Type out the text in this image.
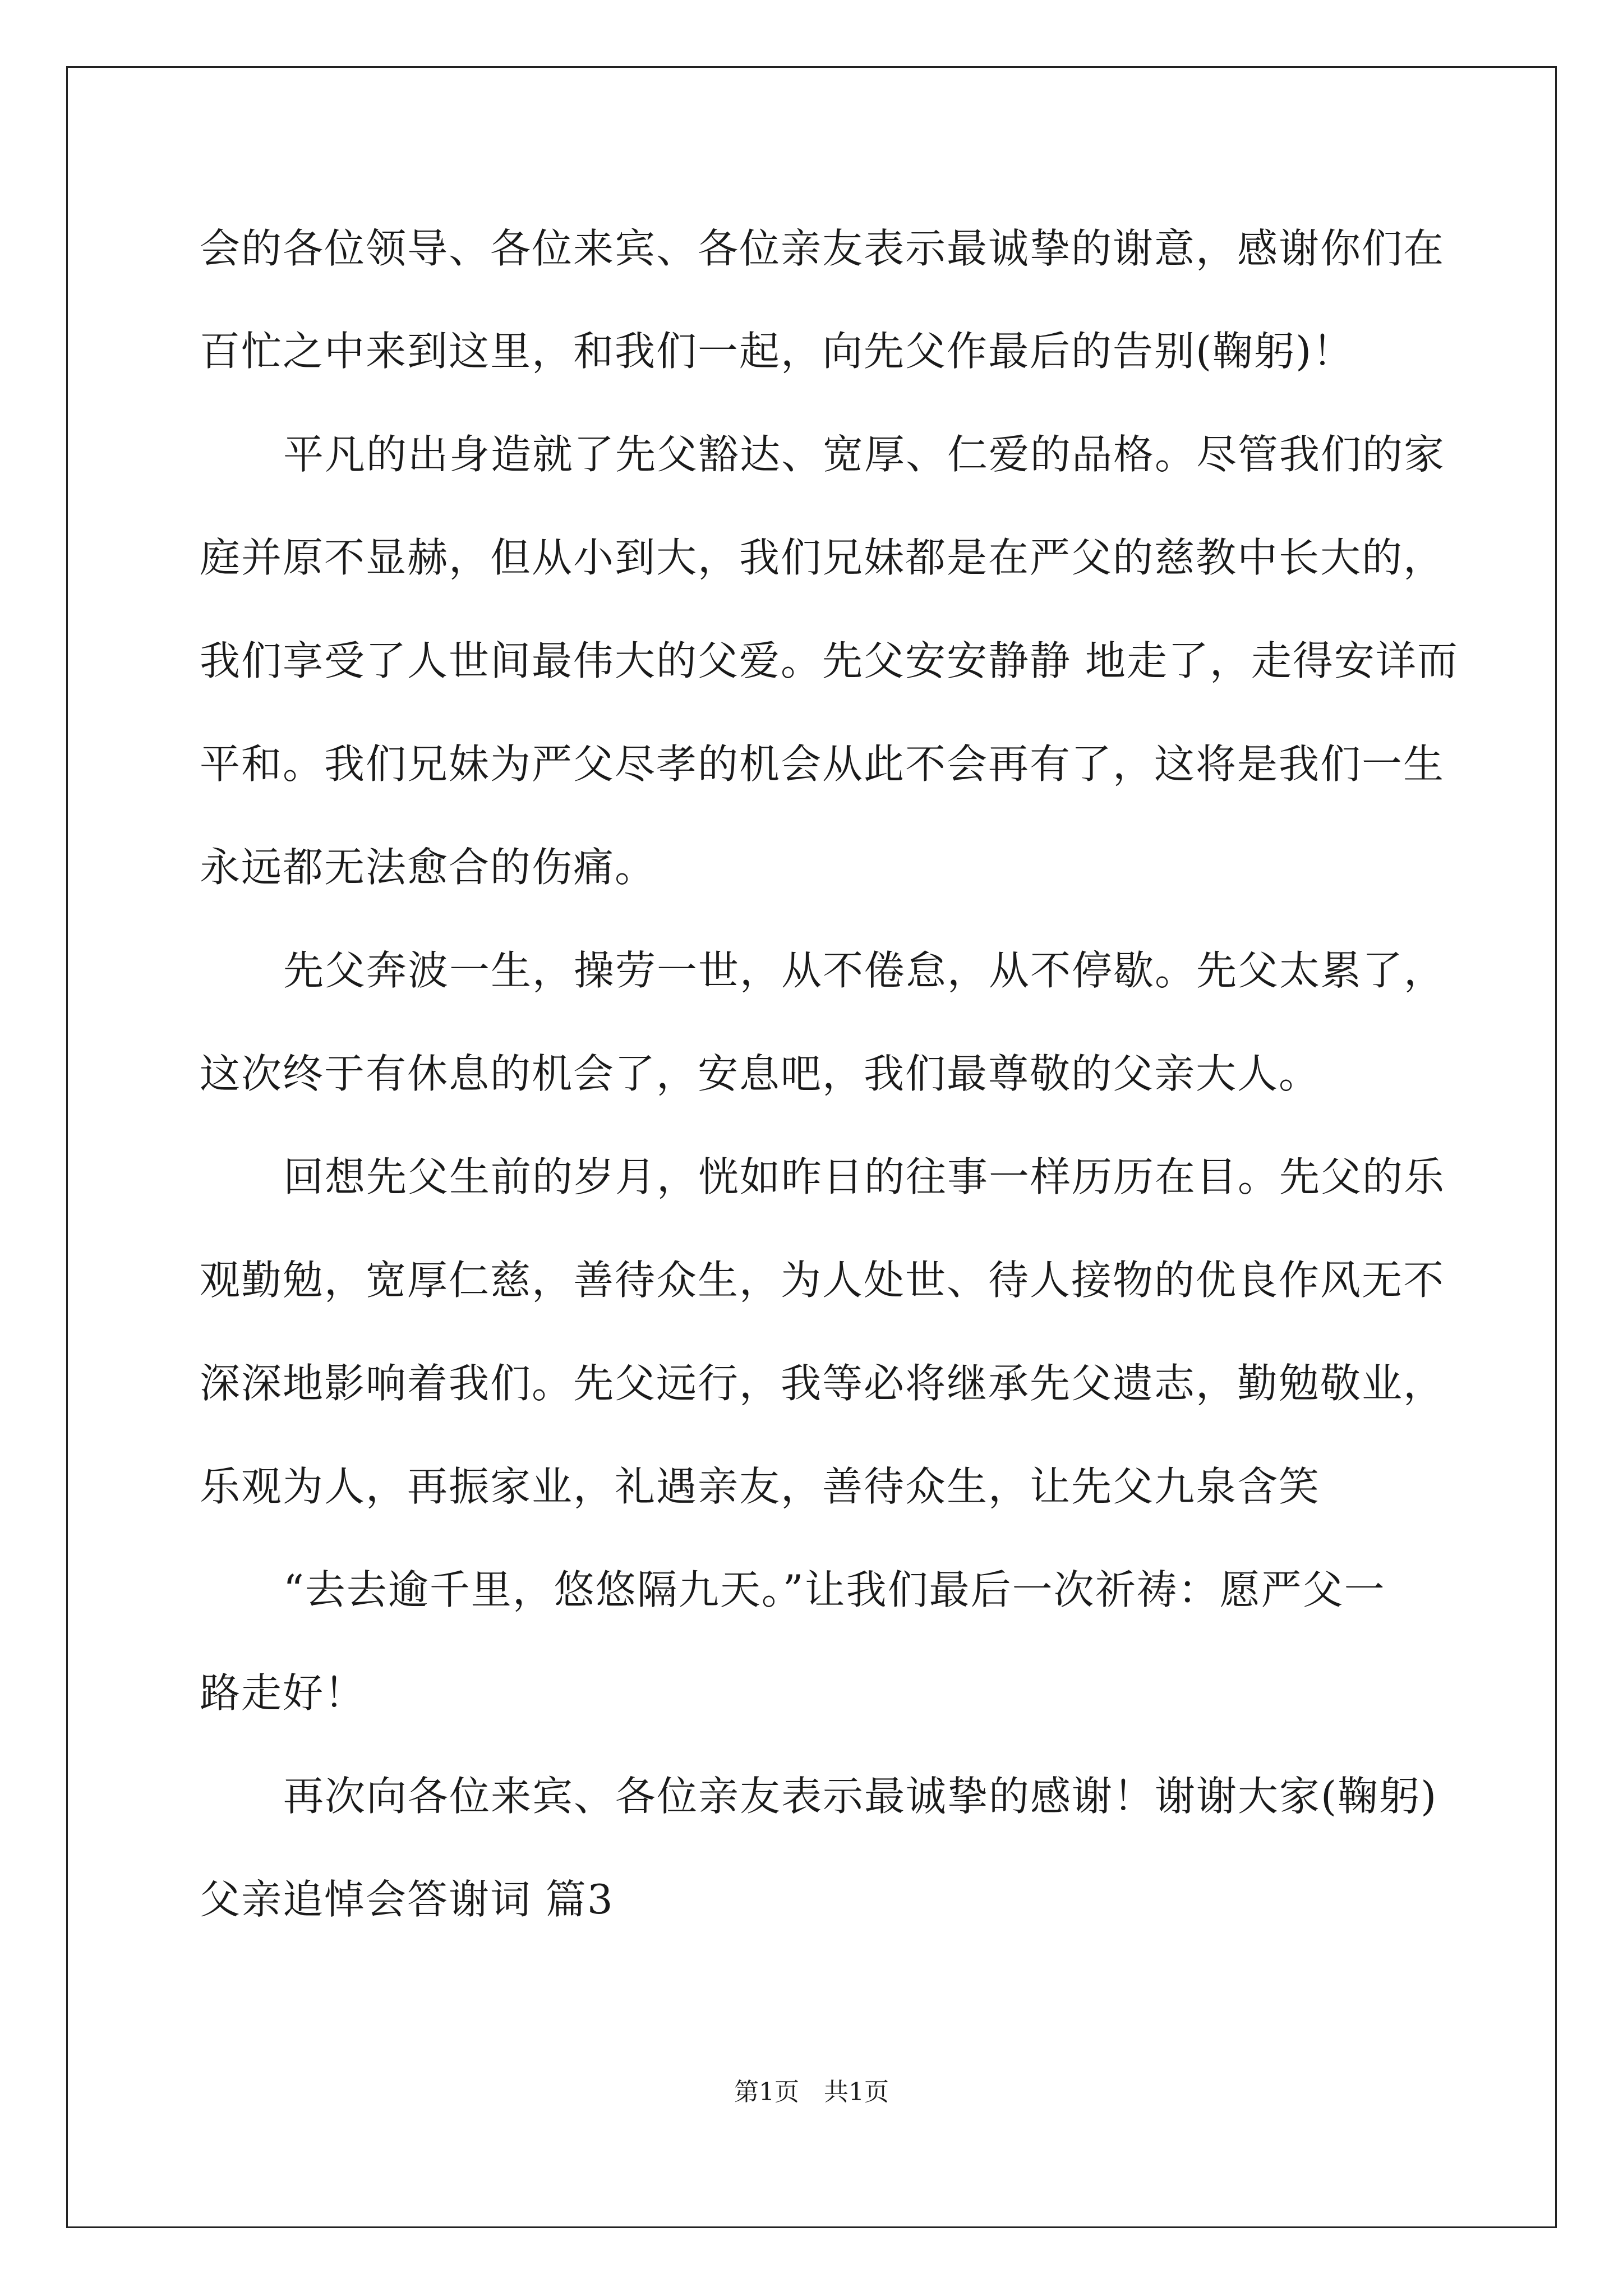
会的各位领导、各位来宾、各位亲友表示最诚挚的谢意，感谢你们在

百忙之中来到这里，和我们一起，向先父作最后的告别(鞠躬)！

平凡的出身造就了先父豁达、宽厚、仁爱的品格。尽管我们的家

庭并原不显赫，但从小到大，我们兄妹都是在严父的慈教中长大的，

我们享受了人世间最伟大的父爱。先父安安静静 地走了，走得安详而

平和。我们兄妹为严父尽孝的机会从此不会再有了，这将是我们一生

永远都无法愈合的伤痛。

先父奔波一生，操劳一世，从不倦怠，从不停歇。先父太累了，

这次终于有休息的机会了，安息吧，我们最尊敬的父亲大人。

回想先父生前的岁月，恍如昨日的往事一样历历在目。先父的乐

观勤勉，宽厚仁慈，善待众生，为人处世、待人接物的优良作风无不

深深地影响着我们。先父远行，我等必将继承先父遗志，勤勉敬业，

乐观为人，再振家业，礼遇亲友，善待众生，让先父九泉含笑

“去去逾千里，悠悠隔九天。”让我们最后一次祈祷：愿严父一

路走好！

再次向各位来宾、各位亲友表示最诚挚的感谢！谢谢大家(鞠躬)

父亲追悼会答谢词 篇3

第1页　共1页
